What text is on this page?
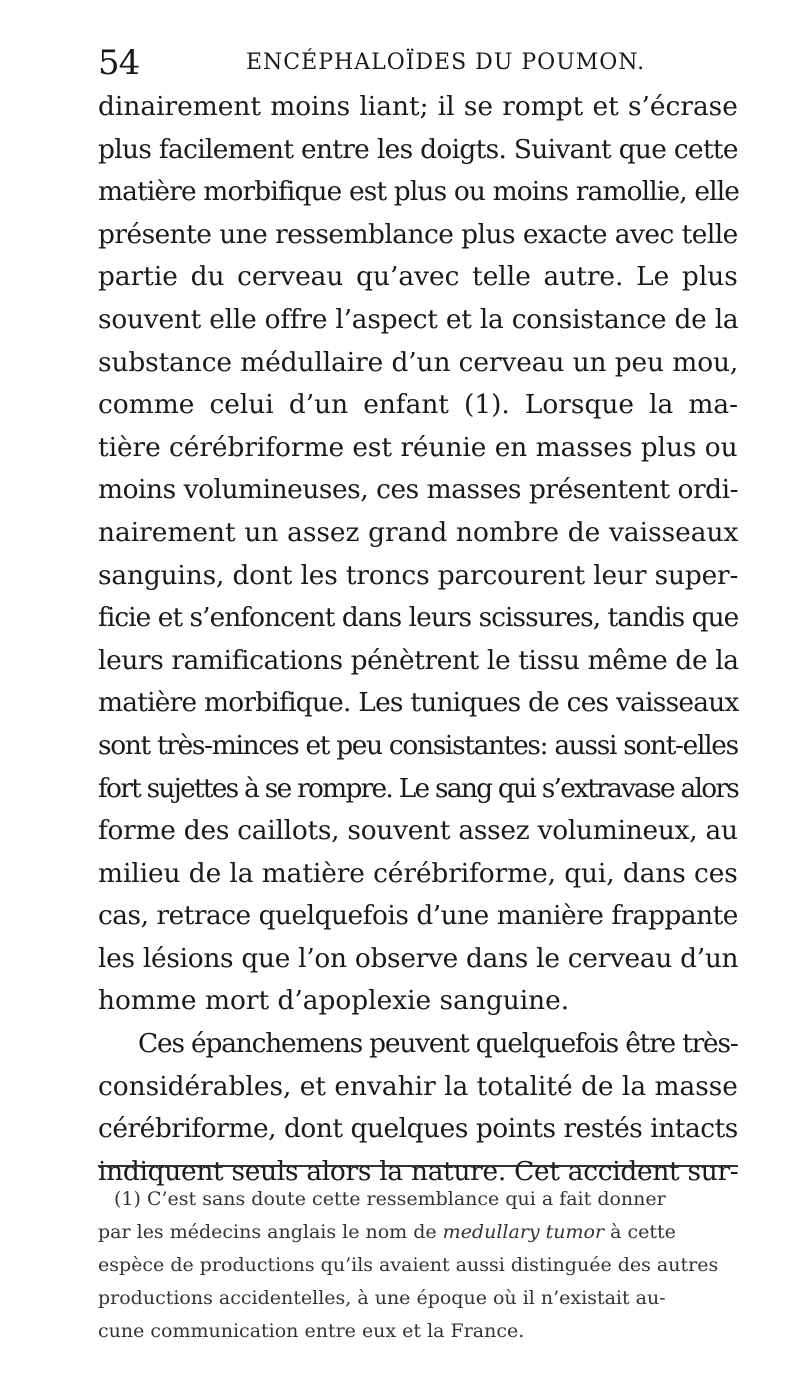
54	ENCÉPHALOÏDES DU POUMON.
dinairement moins liant; il se rompt et s’écrase
plus facilement entre les doigts. Suivant que cette
matière morbifique est plus ou moins ramollie, elle
présente une ressemblance plus exacte avec telle
partie du cerveau qu’avec telle autre. Le plus
souvent elle offre l’aspect et la consistance de la
substance médullaire d’un cerveau un peu mou,
comme celui d’un enfant (1). Lorsque la ma-
tière cérébriforme est réunie en masses plus ou
moins volumineuses, ces masses présentent ordi-
nairement un assez grand nombre de vaisseaux
sanguins, dont les troncs parcourent leur super-
ficie et s’enfoncent dans leurs scissures, tandis que
leurs ramifications pénètrent le tissu même de la
matière morbifique. Les tuniques de ces vaisseaux
sont très-minces et peu consistantes: aussi sont-elles
fort sujettes à se rompre. Le sang qui s’extravase alors
forme des caillots, souvent assez volumineux, au
milieu de la matière cérébriforme, qui, dans ces
cas, retrace quelquefois d’une manière frappante
les lésions que l’on observe dans le cerveau d’un
homme mort d’apoplexie sanguine.
Ces épanchemens peuvent quelquefois être très-
considérables, et envahir la totalité de la masse
cérébriforme, dont quelques points restés intacts
indiquent seuls alors la nature. Cet accident sur-
(1) C’est sans doute cette ressemblance qui a fait donner
par les médecins anglais le nom de medullary tumor à cette
espèce de productions qu’ils avaient aussi distinguée des autres
productions accidentelles, à une époque où il n’existait au-
cune communication entre eux et la France.
